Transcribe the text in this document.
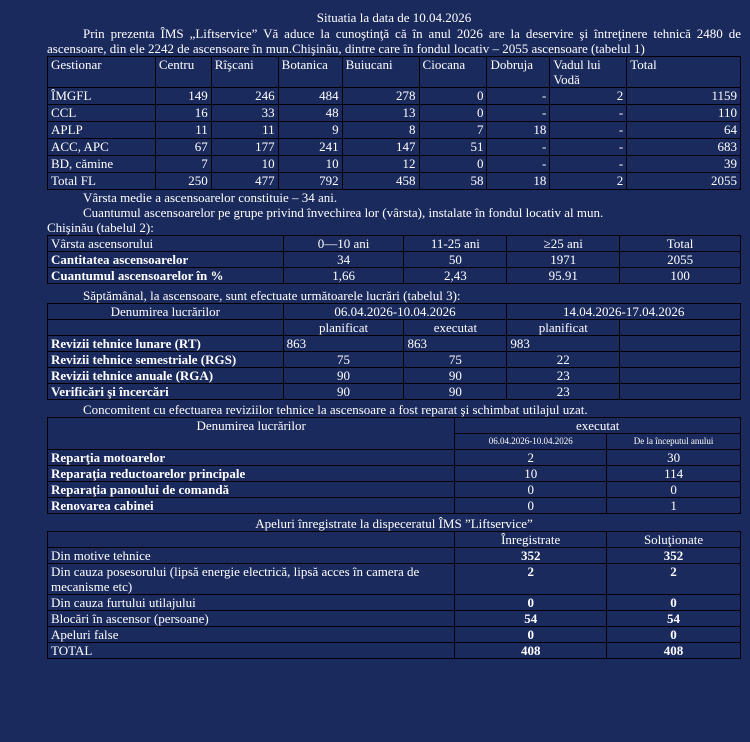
Situatia la data de 10.04.2026

Prin prezenta ÎMS „Liftservice” Vă aduce la cunoştinţă că în anul 2026 are la deservire şi întreţinere tehnică 2480 de ascensoare, din ele 2242 de ascensoare în mun.Chişinău, dintre care în fondul locativ – 2055 ascensoare (tabelul 1)

Gestionar	Centru	Rîşcani	Botanica	Buiucani	Ciocana	Dobruja	Vadul lui Vodă	Total
ÎMGFL	149	246	484	278	0	-	2	1159
CCL	16	33	48	13	0	-	-	110
APLP	11	11	9	8	7	18	-	64
ACC, APC	67	177	241	147	51	-	-	683
BD, cămine	7	10	10	12	0	-	-	39
Total FL	250	477	792	458	58	18	2	2055

Vârsta medie a ascensoarelor constituie – 34 ani.

Cuantumul ascensoarelor pe grupe privind învechirea lor (vârsta), instalate în fondul locativ al mun.

Chişinău (tabelul 2):

Vârsta ascensorului	0—10 ani	11-25 ani	≥25 ani	Total
Cantitatea ascensoarelor	34	50	1971	2055
Cuantumul ascensoarelor în %	1,66	2,43	95.91	100

Săptămânal, la ascensoare, sunt efectuate următoarele lucrări (tabelul 3):

Denumirea lucrărilor	06.04.2026-10.04.2026		14.04.2026-17.04.2026	
	planificat	executat	planificat	
Revizii tehnice lunare (RT)	863	863	983	
Revizii tehnice semestriale (RGS)	75	75	22	
Revizii tehnice anuale (RGA)	90	90	23	
Verificări şi încercări	90	90	23	

Concomitent cu efectuarea reviziilor tehnice la ascensoare a fost reparat şi schimbat utilajul uzat.

Denumirea lucrărilor	executat	
	06.04.2026-10.04.2026	De la începutul anului
Reparţia motoarelor	2	30
Reparaţia reductoarelor principale	10	114
Reparaţia panoului de comandă	0	0
Renovarea cabinei	0	1

Apeluri înregistrate la dispeceratul ÎMS ”Liftservice”

	Înregistrate	Soluţionate
Din motive tehnice	352	352
Din cauza posesorului (lipsă energie electrică, lipsă acces în camera de mecanisme etc)	2	2
Din cauza furtului utilajului	0	0
Blocări în ascensor (persoane)	54	54
Apeluri false	0	0
TOTAL	408	408
